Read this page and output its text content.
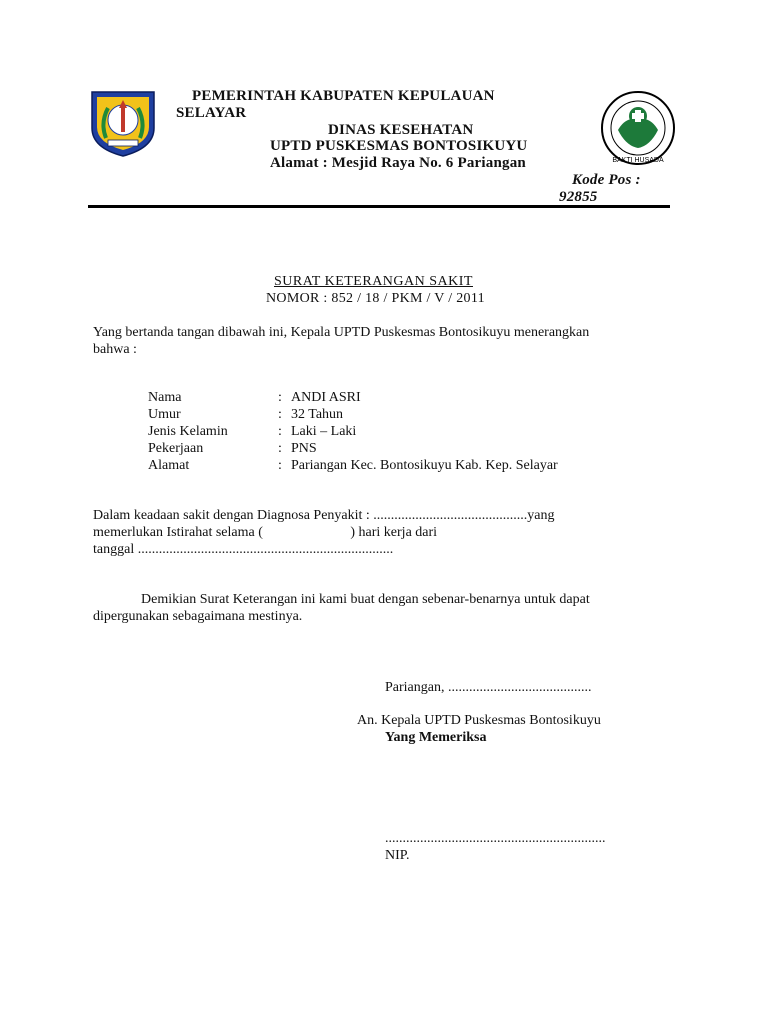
BAKTI HUSADA
PEMERINTAH KABUPATEN KEPULAUAN
SELAYAR
DINAS KESEHATAN
UPTD PUSKESMAS BONTOSIKUYU
Alamat : Mesjid Raya No. 6 Pariangan
Kode Pos :
92855
SURAT KETERANGAN SAKIT
NOMOR : 852 / 18 / PKM / V / 2011
Yang bertanda tangan dibawah ini, Kepala UPTD Puskesmas Bontosikuyu menerangkan
bahwa :
Nama	: ANDI ASRI
Umur	: 32 Tahun
Jenis Kelamin	: Laki – Laki
Pekerjaan	: PNS
Alamat	: Pariangan Kec. Bontosikuyu Kab. Kep. Selayar
Dalam keadaan sakit dengan Diagnosa Penyakit : ............................................yang
memerlukan Istirahat selama (                         ) hari kerja dari
tanggal .........................................................................
Demikian Surat Keterangan ini kami buat dengan sebenar-benarnya untuk dapat
dipergunakan sebagaimana mestinya.
Pariangan, .........................................
An. Kepala UPTD Puskesmas Bontosikuyu
Yang Memeriksa
...............................................................
NIP.
